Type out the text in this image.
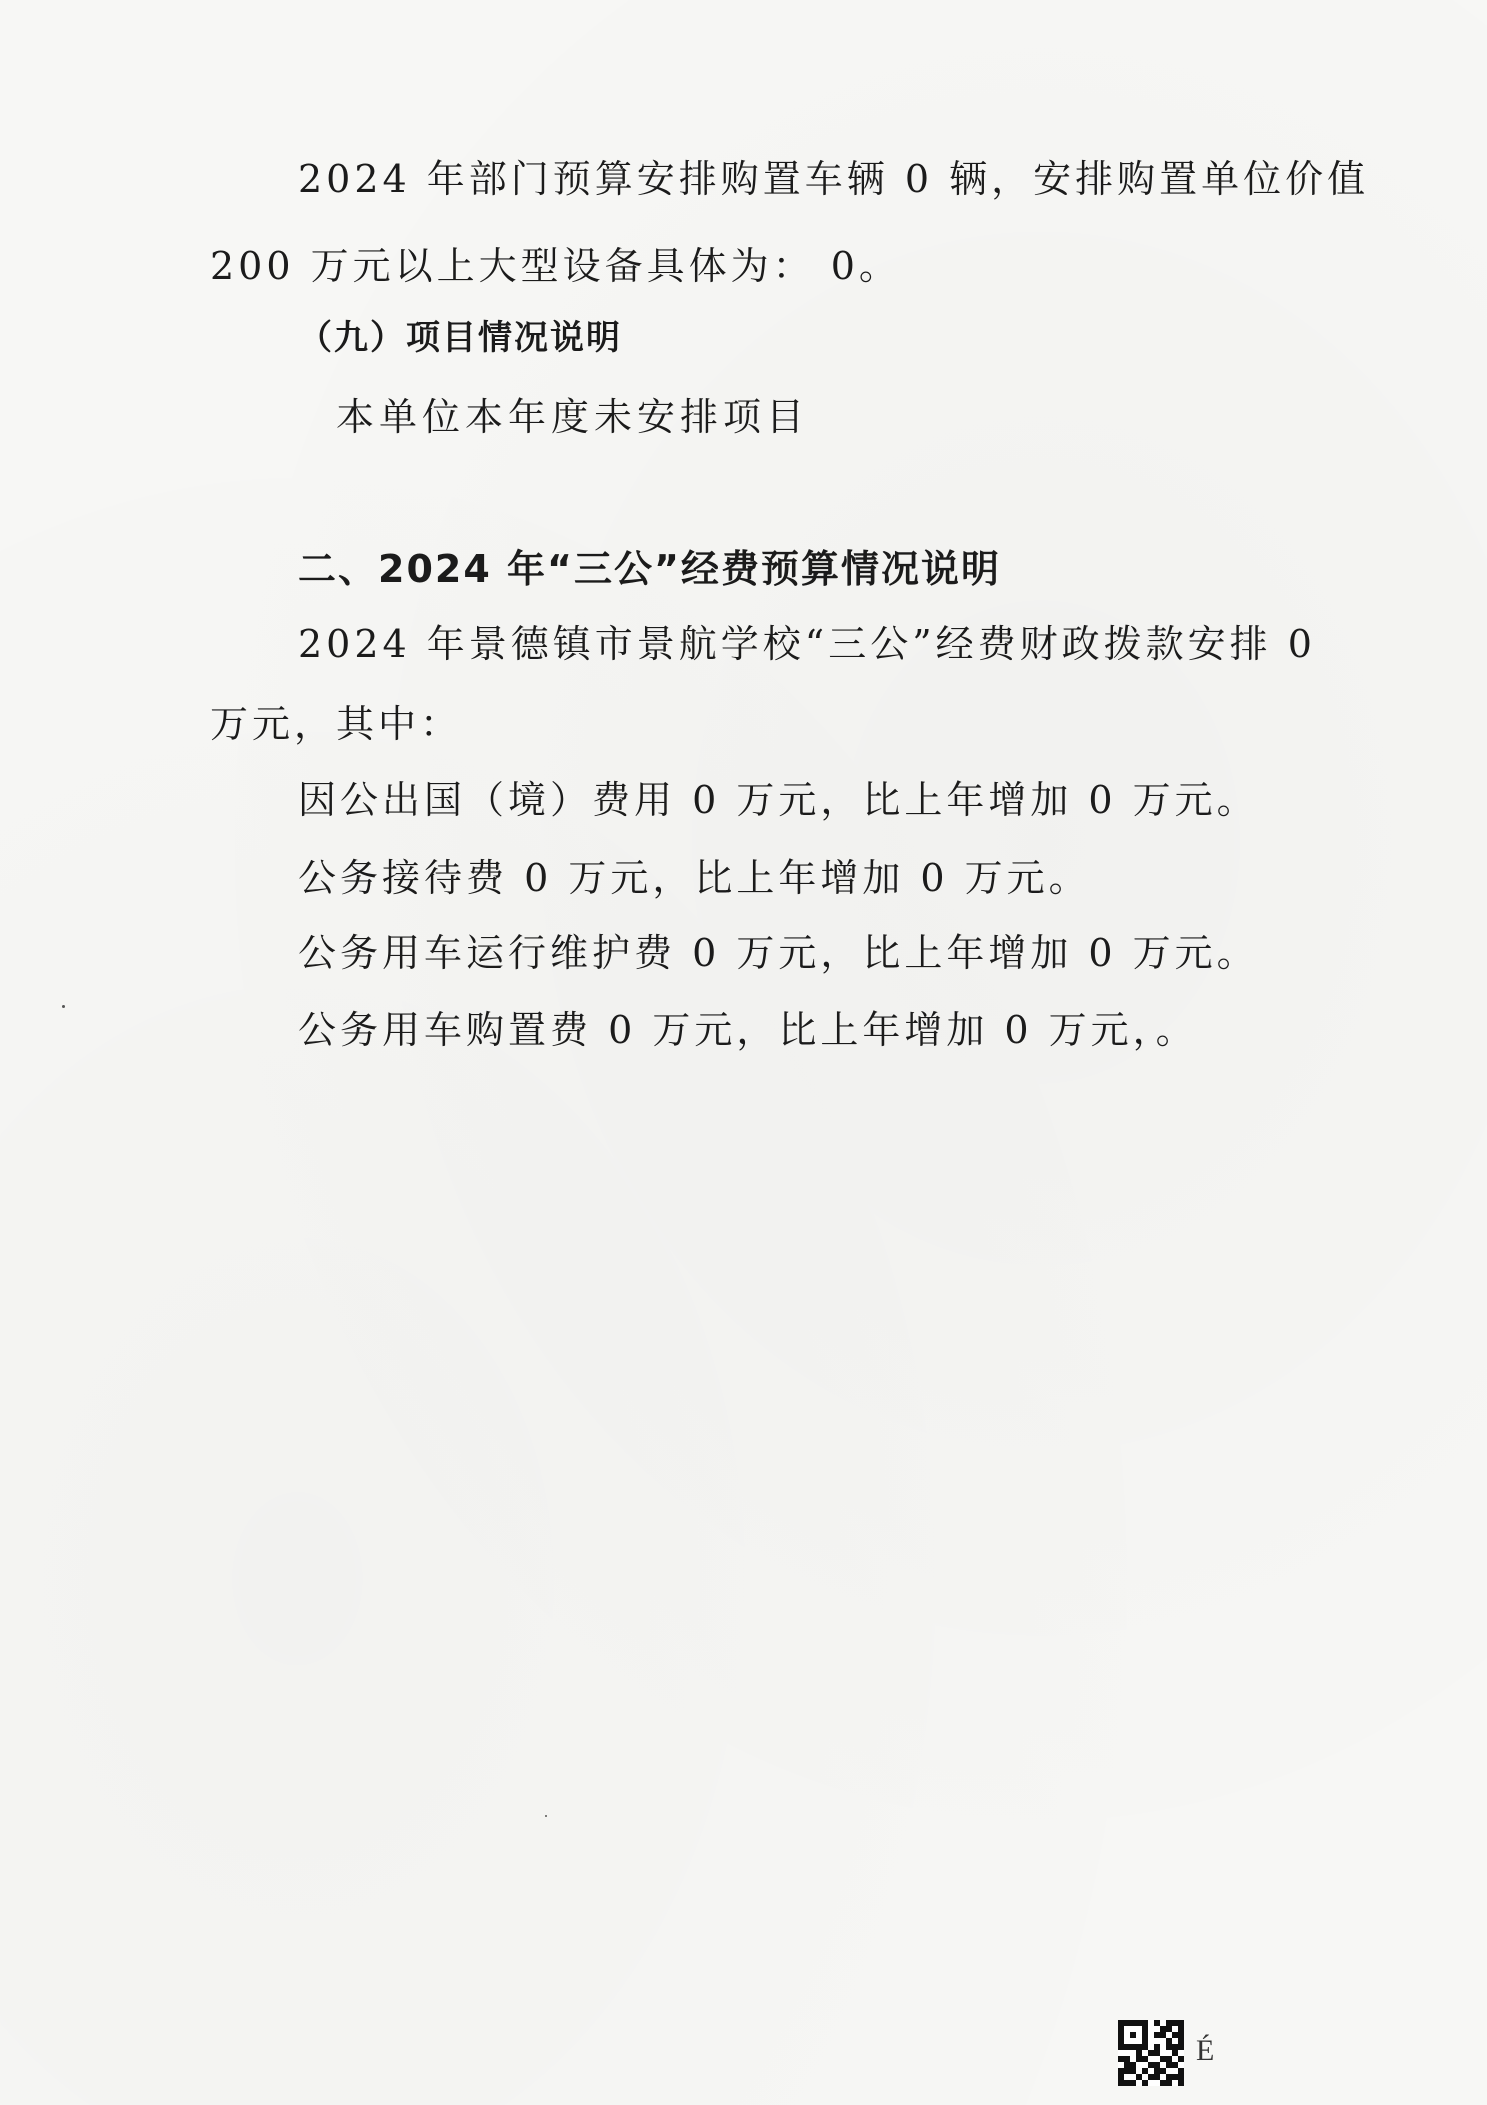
2024 年部门预算安排购置车辆 0 辆，安排购置单位价值
200 万元以上大型设备具体为： 0。
（九）项目情况说明
本单位本年度未安排项目
二、2024 年“三公”经费预算情况说明
2024 年景德镇市景航学校“三公”经费财政拨款安排 0
万元，其中：
因公出国（境）费用 0 万元，比上年增加 0 万元。
公务接待费 0 万元，比上年增加 0 万元。
公务用车运行维护费 0 万元，比上年增加 0 万元。
公务用车购置费 0 万元，比上年增加 0 万元，。
É
